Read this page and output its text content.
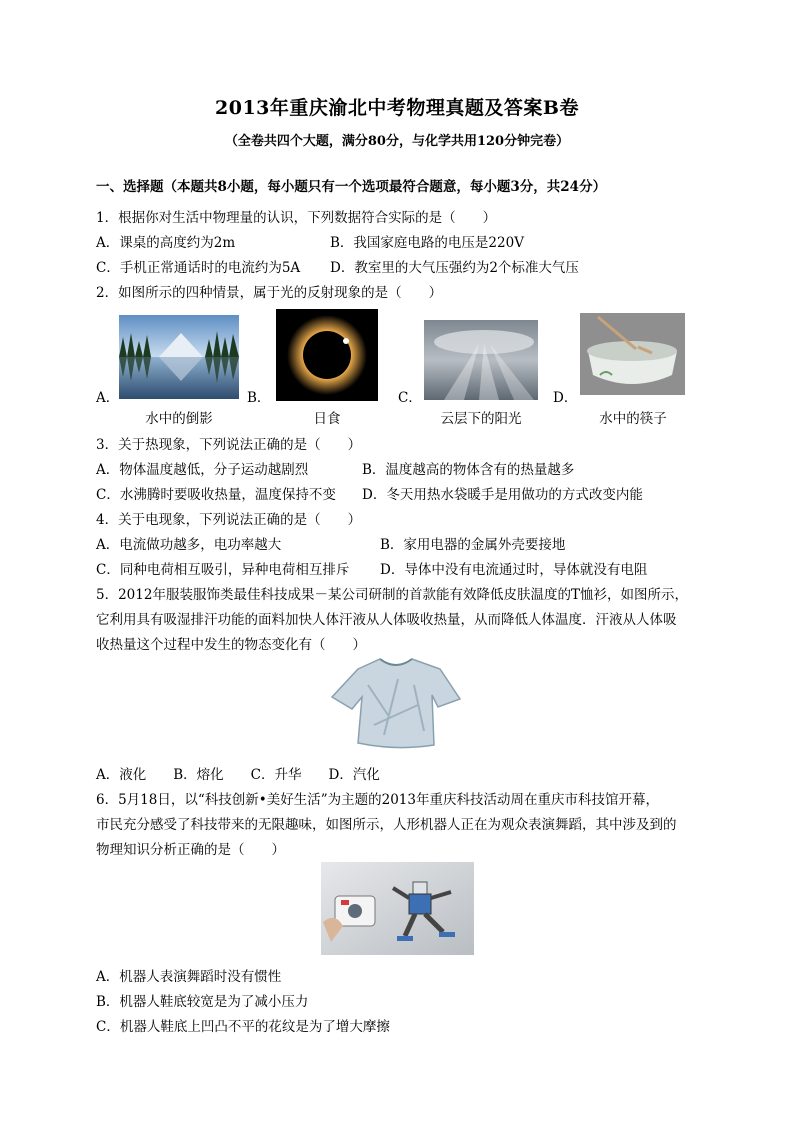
2013年重庆渝北中考物理真题及答案B卷
（全卷共四个大题，满分80分，与化学共用120分钟完卷）
一、选择题（本题共8小题，每小题只有一个选项最符合题意，每小题3分，共24分）
1．根据你对生活中物理量的认识，下列数据符合实际的是（　　）
A．课桌的高度约为2m	B．我国家庭电路的电压是220V
C．手机正常通话时的电流约为5A D．教室里的大气压强约为2个标准大气压
2．如图所示的四种情景，属于光的反射现象的是（　　）
A．
水中的倒影
B．
日食
C．
云层下的阳光
D．
水中的筷子
3．关于热现象，下列说法正确的是（　　）
A．物体温度越低，分子运动越剧烈	B．温度越高的物体含有的热量越多
C．水沸腾时要吸收热量，温度保持不变 D．冬天用热水袋暖手是用做功的方式改变内能
4．关于电现象，下列说法正确的是（　　）
A．电流做功越多，电功率越大	B．家用电器的金属外壳要接地
C．同种电荷相互吸引，异种电荷相互排斥 D．导体中没有电流通过时，导体就没有电阻
5．2012年服装服饰类最佳科技成果－某公司研制的首款能有效降低皮肤温度的T恤衫，如图所示，
它利用具有吸湿排汗功能的面料加快人体汗液从人体吸收热量，从而降低人体温度．汗液从人体吸
收热量这个过程中发生的物态变化有（　　）
A．液化　　B．熔化　　C．升华　　D．汽化
6．5月18日，以“科技创新•美好生活”为主题的2013年重庆科技活动周在重庆市科技馆开幕，
市民充分感受了科技带来的无限趣味，如图所示，人形机器人正在为观众表演舞蹈，其中涉及到的
物理知识分析正确的是（　　）
A．机器人表演舞蹈时没有惯性
B．机器人鞋底较宽是为了减小压力
C．机器人鞋底上凹凸不平的花纹是为了增大摩擦
